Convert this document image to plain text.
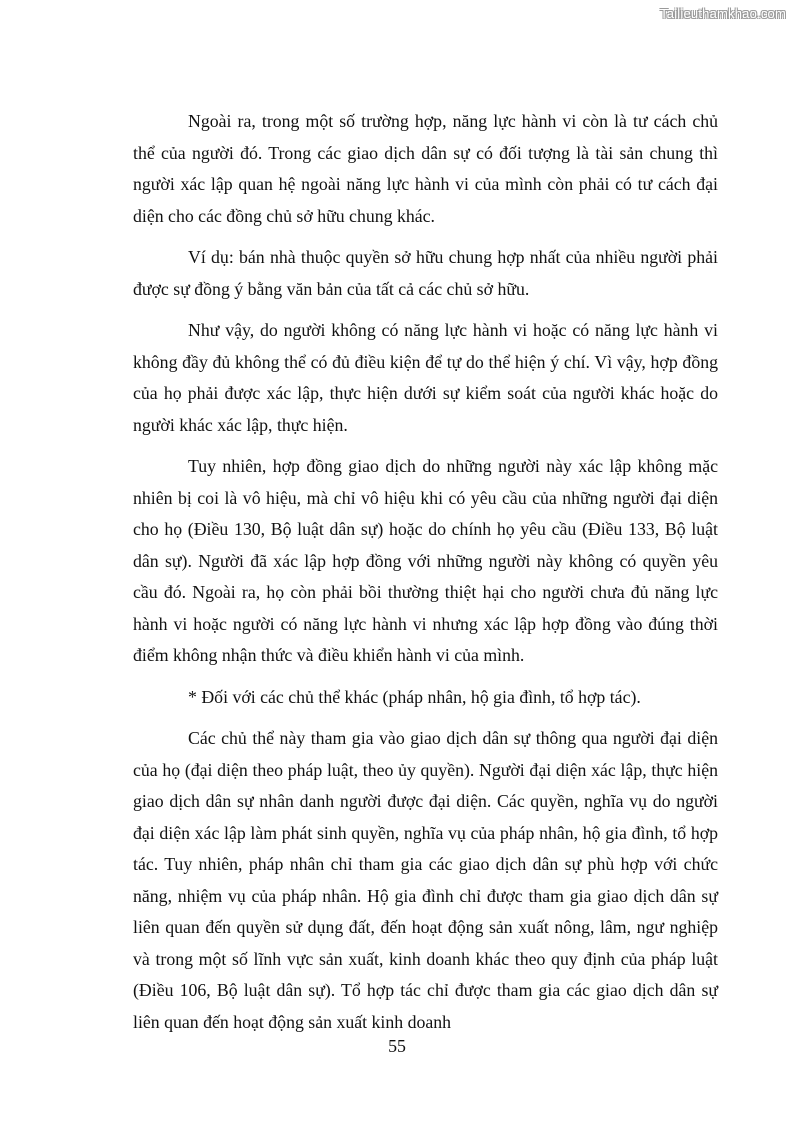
Tailieuthamkhao.com

Ngoài ra, trong một số trường hợp, năng lực hành vi còn là tư cách chủ thể của người đó. Trong các giao dịch dân sự có đối tượng là tài sản chung thì người xác lập quan hệ ngoài năng lực hành vi của mình còn phải có tư cách đại diện cho các đồng chủ sở hữu chung khác.

Ví dụ: bán nhà thuộc quyền sở hữu chung hợp nhất của nhiều người phải được sự đồng ý bằng văn bản của tất cả các chủ sở hữu.

Như vậy, do người không có năng lực hành vi hoặc có năng lực hành vi không đầy đủ không thể có đủ điều kiện để tự do thể hiện ý chí. Vì vậy, hợp đồng của họ phải được xác lập, thực hiện dưới sự kiểm soát của người khác hoặc do người khác xác lập, thực hiện.

Tuy nhiên, hợp đồng giao dịch do những người này xác lập không mặc nhiên bị coi là vô hiệu, mà chỉ vô hiệu khi có yêu cầu của những người đại diện cho họ (Điều 130, Bộ luật dân sự) hoặc do chính họ yêu cầu (Điều 133, Bộ luật dân sự). Người đã xác lập hợp đồng với những người này không có quyền yêu cầu đó. Ngoài ra, họ còn phải bồi thường thiệt hại cho người chưa đủ năng lực hành vi hoặc người có năng lực hành vi nhưng xác lập hợp đồng vào đúng thời điểm không nhận thức và điều khiển hành vi của mình.

* Đối với các chủ thể khác (pháp nhân, hộ gia đình, tổ hợp tác).

Các chủ thể này tham gia vào giao dịch dân sự thông qua người đại diện của họ (đại diện theo pháp luật, theo ủy quyền). Người đại diện xác lập, thực hiện giao dịch dân sự nhân danh người được đại diện. Các quyền, nghĩa vụ do người đại diện xác lập làm phát sinh quyền, nghĩa vụ của pháp nhân, hộ gia đình, tổ hợp tác. Tuy nhiên, pháp nhân chỉ tham gia các giao dịch dân sự phù hợp với chức năng, nhiệm vụ của pháp nhân. Hộ gia đình chỉ được tham gia giao dịch dân sự liên quan đến quyền sử dụng đất, đến hoạt động sản xuất nông, lâm, ngư nghiệp và trong một số lĩnh vực sản xuất, kinh doanh khác theo quy định của pháp luật (Điều 106, Bộ luật dân sự). Tổ hợp tác chỉ được tham gia các giao dịch dân sự liên quan đến hoạt động sản xuất kinh doanh

55
